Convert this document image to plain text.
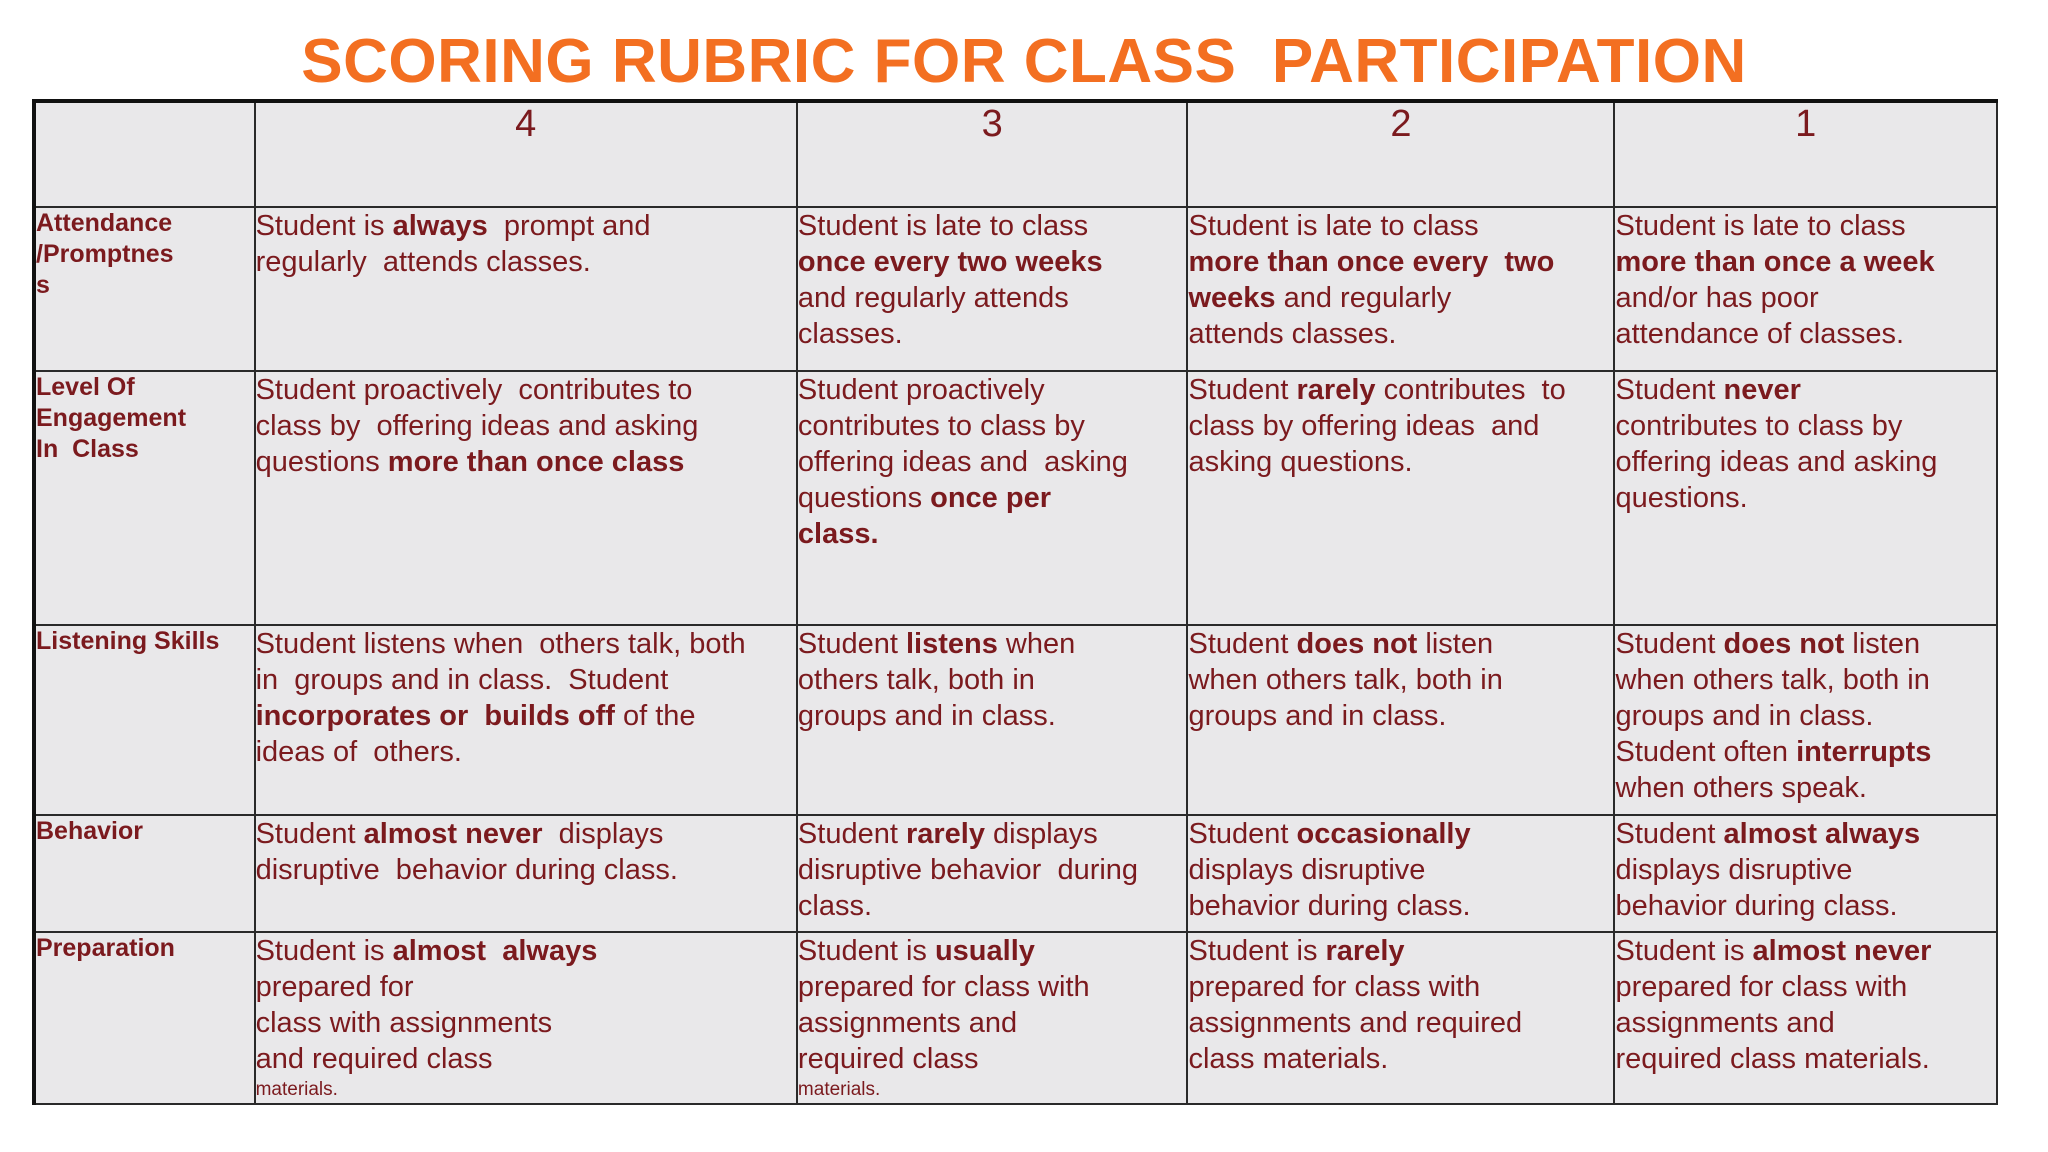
SCORING RUBRIC FOR CLASS  PARTICIPATION
	4	3	2	1
Attendance
/Promptnes
s	Student is always  prompt and
regularly  attends classes.	Student is late to class
once every two weeks
and regularly attends
classes.	Student is late to class
more than once every  two
weeks and regularly
attends classes.	Student is late to class
more than once a week
and/or has poor
attendance of classes.
Level Of
Engagement
In  Class	Student proactively  contributes to
class by  offering ideas and asking
questions more than once class	Student proactively
contributes to class by
offering ideas and  asking
questions once per
class.	Student rarely contributes  to
class by offering ideas  and
asking questions.	Student never
contributes to class by
offering ideas and asking
questions.
Listening Skills	Student listens when  others talk, both
in  groups and in class.  Student
incorporates or  builds off of the
ideas of  others.	Student listens when
others talk, both in
groups and in class.	Student does not listen
when others talk, both in
groups and in class.	Student does not listen
when others talk, both in
groups and in class.
Student often interrupts
when others speak.
Behavior	Student almost never  displays
disruptive  behavior during class.	Student rarely displays
disruptive behavior  during
class.	Student occasionally
displays disruptive
behavior during class.	Student almost always
displays disruptive
behavior during class.
Preparation	Student is almost  always
prepared for
class with assignments
and required class
materials.	Student is usually
prepared for class with
assignments and
required class
materials.	Student is rarely
prepared for class with
assignments and required
class materials.	Student is almost never
prepared for class with
assignments and
required class materials.
